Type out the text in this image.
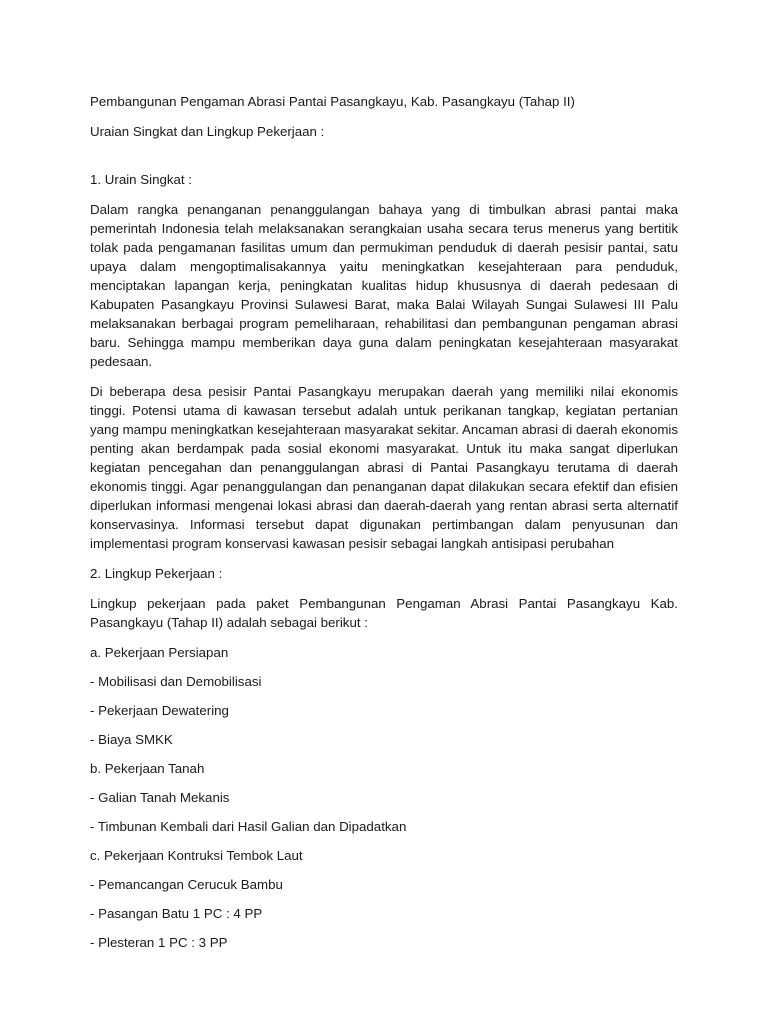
Pembangunan Pengaman Abrasi Pantai Pasangkayu, Kab. Pasangkayu (Tahap II)

Uraian Singkat dan Lingkup Pekerjaan :

1. Urain Singkat :

Dalam rangka penanganan penanggulangan bahaya yang di timbulkan abrasi pantai maka pemerintah Indonesia telah melaksanakan serangkaian usaha secara terus menerus yang bertitik tolak pada pengamanan fasilitas umum dan permukiman penduduk di daerah pesisir pantai, satu upaya dalam mengoptimalisakannya yaitu meningkatkan kesejahteraan para penduduk, menciptakan lapangan kerja, peningkatan kualitas hidup khususnya di daerah pedesaan di Kabupaten Pasangkayu Provinsi Sulawesi Barat, maka Balai Wilayah Sungai Sulawesi III Palu melaksanakan berbagai program pemeliharaan, rehabilitasi dan pembangunan pengaman abrasi baru. Sehingga mampu memberikan daya guna dalam peningkatan kesejahteraan masyarakat pedesaan.

Di beberapa desa pesisir Pantai Pasangkayu merupakan daerah yang memiliki nilai ekonomis tinggi. Potensi utama di kawasan tersebut adalah untuk perikanan tangkap, kegiatan pertanian yang mampu meningkatkan kesejahteraan masyarakat sekitar. Ancaman abrasi di daerah ekonomis penting akan berdampak pada sosial ekonomi masyarakat. Untuk itu maka sangat diperlukan kegiatan pencegahan dan penanggulangan abrasi di Pantai Pasangkayu terutama di daerah ekonomis tinggi. Agar penanggulangan dan penanganan dapat dilakukan secara efektif dan efisien diperlukan informasi mengenai lokasi abrasi dan daerah-daerah yang rentan abrasi serta alternatif konservasinya. Informasi tersebut dapat digunakan pertimbangan dalam penyusunan dan implementasi program konservasi kawasan pesisir sebagai langkah antisipasi perubahan

2. Lingkup Pekerjaan :

Lingkup pekerjaan pada paket Pembangunan Pengaman Abrasi Pantai Pasangkayu Kab. Pasangkayu (Tahap II) adalah sebagai berikut :

a. Pekerjaan Persiapan

- Mobilisasi dan Demobilisasi

- Pekerjaan Dewatering

- Biaya SMKK

b. Pekerjaan Tanah

- Galian Tanah Mekanis

- Timbunan Kembali dari Hasil Galian dan Dipadatkan

c. Pekerjaan Kontruksi Tembok Laut

- Pemancangan Cerucuk Bambu

- Pasangan Batu 1 PC : 4 PP

- Plesteran 1 PC : 3 PP
